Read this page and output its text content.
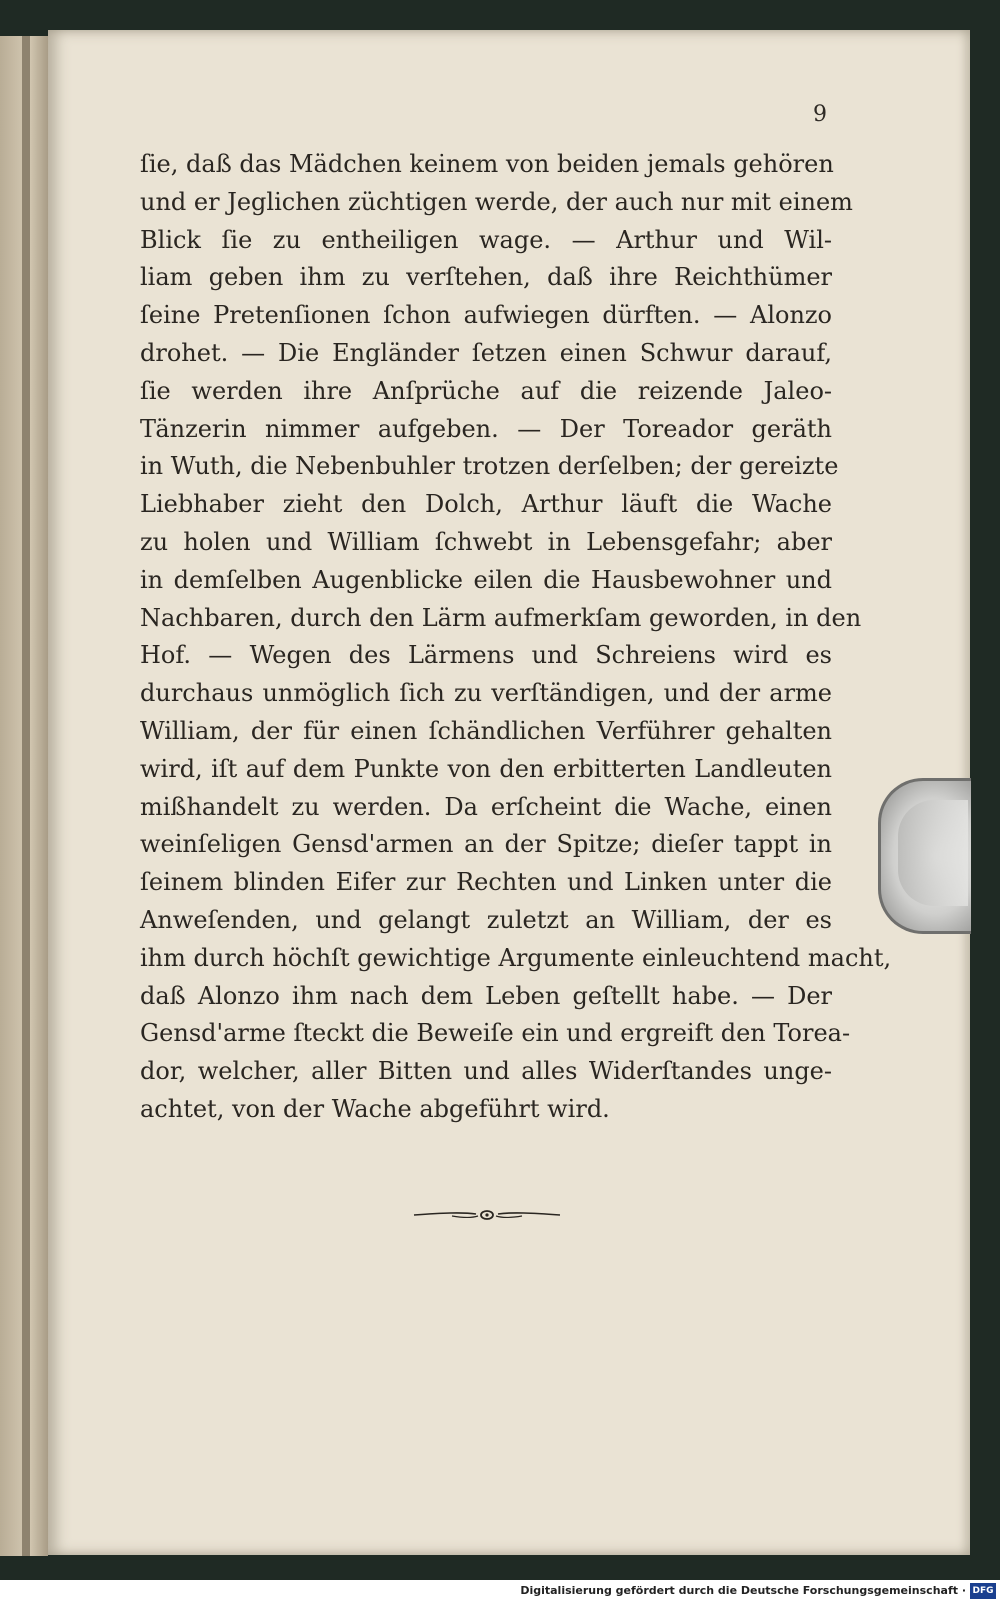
9
ſie, daß das Mädchen keinem von beiden jemals gehören
und er Jeglichen züchtigen werde, der auch nur mit einem
Blick ſie zu entheiligen wage. — Arthur und Wil-
liam geben ihm zu verſtehen, daß ihre Reichthümer
ſeine Pretenſionen ſchon aufwiegen dürften. — Alonzo
drohet. — Die Engländer ſetzen einen Schwur darauf,
ſie werden ihre Anſprüche auf die reizende Jaleo-
Tänzerin nimmer aufgeben. — Der Toreador geräth
in Wuth, die Nebenbuhler trotzen derſelben; der gereizte
Liebhaber zieht den Dolch, Arthur läuft die Wache
zu holen und William ſchwebt in Lebensgefahr; aber
in demſelben Augenblicke eilen die Hausbewohner und
Nachbaren, durch den Lärm aufmerkſam geworden, in den
Hof. — Wegen des Lärmens und Schreiens wird es
durchaus unmöglich ſich zu verſtändigen, und der arme
William, der für einen ſchändlichen Verführer gehalten
wird, iſt auf dem Punkte von den erbitterten Landleuten
mißhandelt zu werden. Da erſcheint die Wache, einen
weinſeligen Gensd'armen an der Spitze; dieſer tappt in
ſeinem blinden Eifer zur Rechten und Linken unter die
Anweſenden, und gelangt zuletzt an William, der es
ihm durch höchſt gewichtige Argumente einleuchtend macht,
daß Alonzo ihm nach dem Leben geſtellt habe. — Der
Gensd'arme ſteckt die Beweiſe ein und ergreift den Torea-
dor, welcher, aller Bitten und alles Widerſtandes unge-
achtet, von der Wache abgeführt wird.
Digitalisierung gefördert durch die Deutsche Forschungsgemeinschaft · DFG
